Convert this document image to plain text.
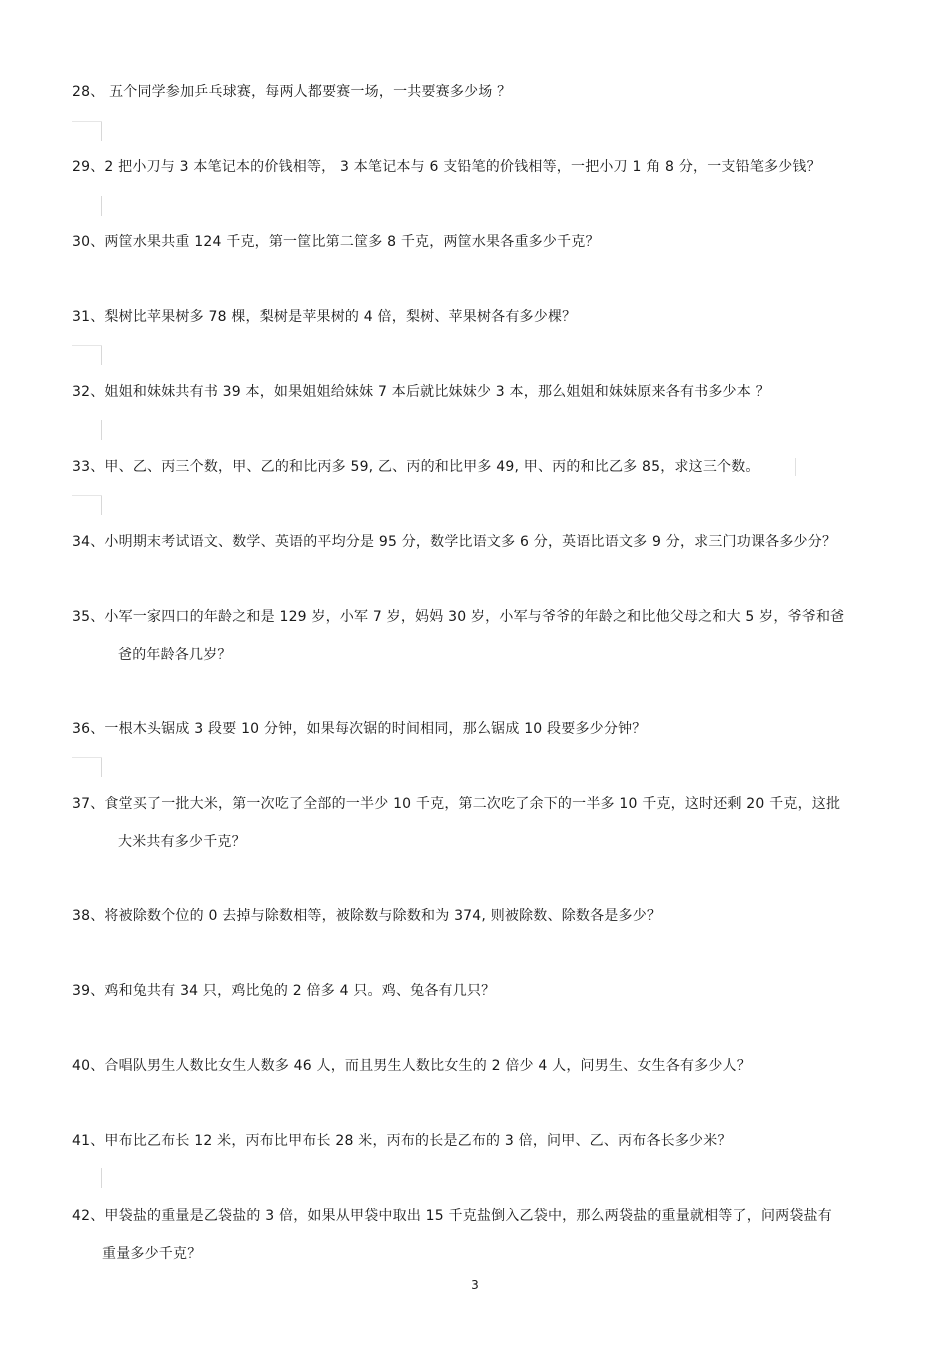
28、 五个同学参加乒乓球赛，每两人都要赛一场，一共要赛多少场 ？
29、2 把小刀与 3 本笔记本的价钱相等， 3 本笔记本与 6 支铅笔的价钱相等，一把小刀 1 角 8 分，一支铅笔多少钱？
30、两筐水果共重 124 千克，第一筐比第二筐多 8 千克，两筐水果各重多少千克？
31、梨树比苹果树多 78 棵，梨树是苹果树的 4 倍，梨树、苹果树各有多少棵？
32、姐姐和妹妹共有书 39 本，如果姐姐给妹妹 7 本后就比妹妹少 3 本，那么姐姐和妹妹原来各有书多少本 ？
33、甲、乙、丙三个数，甲、乙的和比丙多 59, 乙、丙的和比甲多 49, 甲、丙的和比乙多 85，求这三个数。
34、小明期末考试语文、数学、英语的平均分是 95 分，数学比语文多 6 分，英语比语文多 9 分，求三门功课各多少分？
35、小军一家四口的年龄之和是 129 岁，小军 7 岁，妈妈 30 岁，小军与爷爷的年龄之和比他父母之和大 5 岁，爷爷和爸
爸的年龄各几岁？
36、一根木头锯成 3 段要 10 分钟，如果每次锯的时间相同，那么锯成 10 段要多少分钟？
37、食堂买了一批大米，第一次吃了全部的一半少 10 千克，第二次吃了余下的一半多 10 千克，这时还剩 20 千克，这批
大米共有多少千克？
38、将被除数个位的 0 去掉与除数相等，被除数与除数和为 374, 则被除数、除数各是多少？
39、鸡和兔共有 34 只，鸡比兔的 2 倍多 4 只。鸡、兔各有几只？
40、合唱队男生人数比女生人数多 46 人，而且男生人数比女生的 2 倍少 4 人，问男生、女生各有多少人？
41、甲布比乙布长 12 米，丙布比甲布长 28 米，丙布的长是乙布的 3 倍，问甲、乙、丙布各长多少米？
42、甲袋盐的重量是乙袋盐的 3 倍，如果从甲袋中取出 15 千克盐倒入乙袋中，那么两袋盐的重量就相等了，问两袋盐有
重量多少千克？
3
